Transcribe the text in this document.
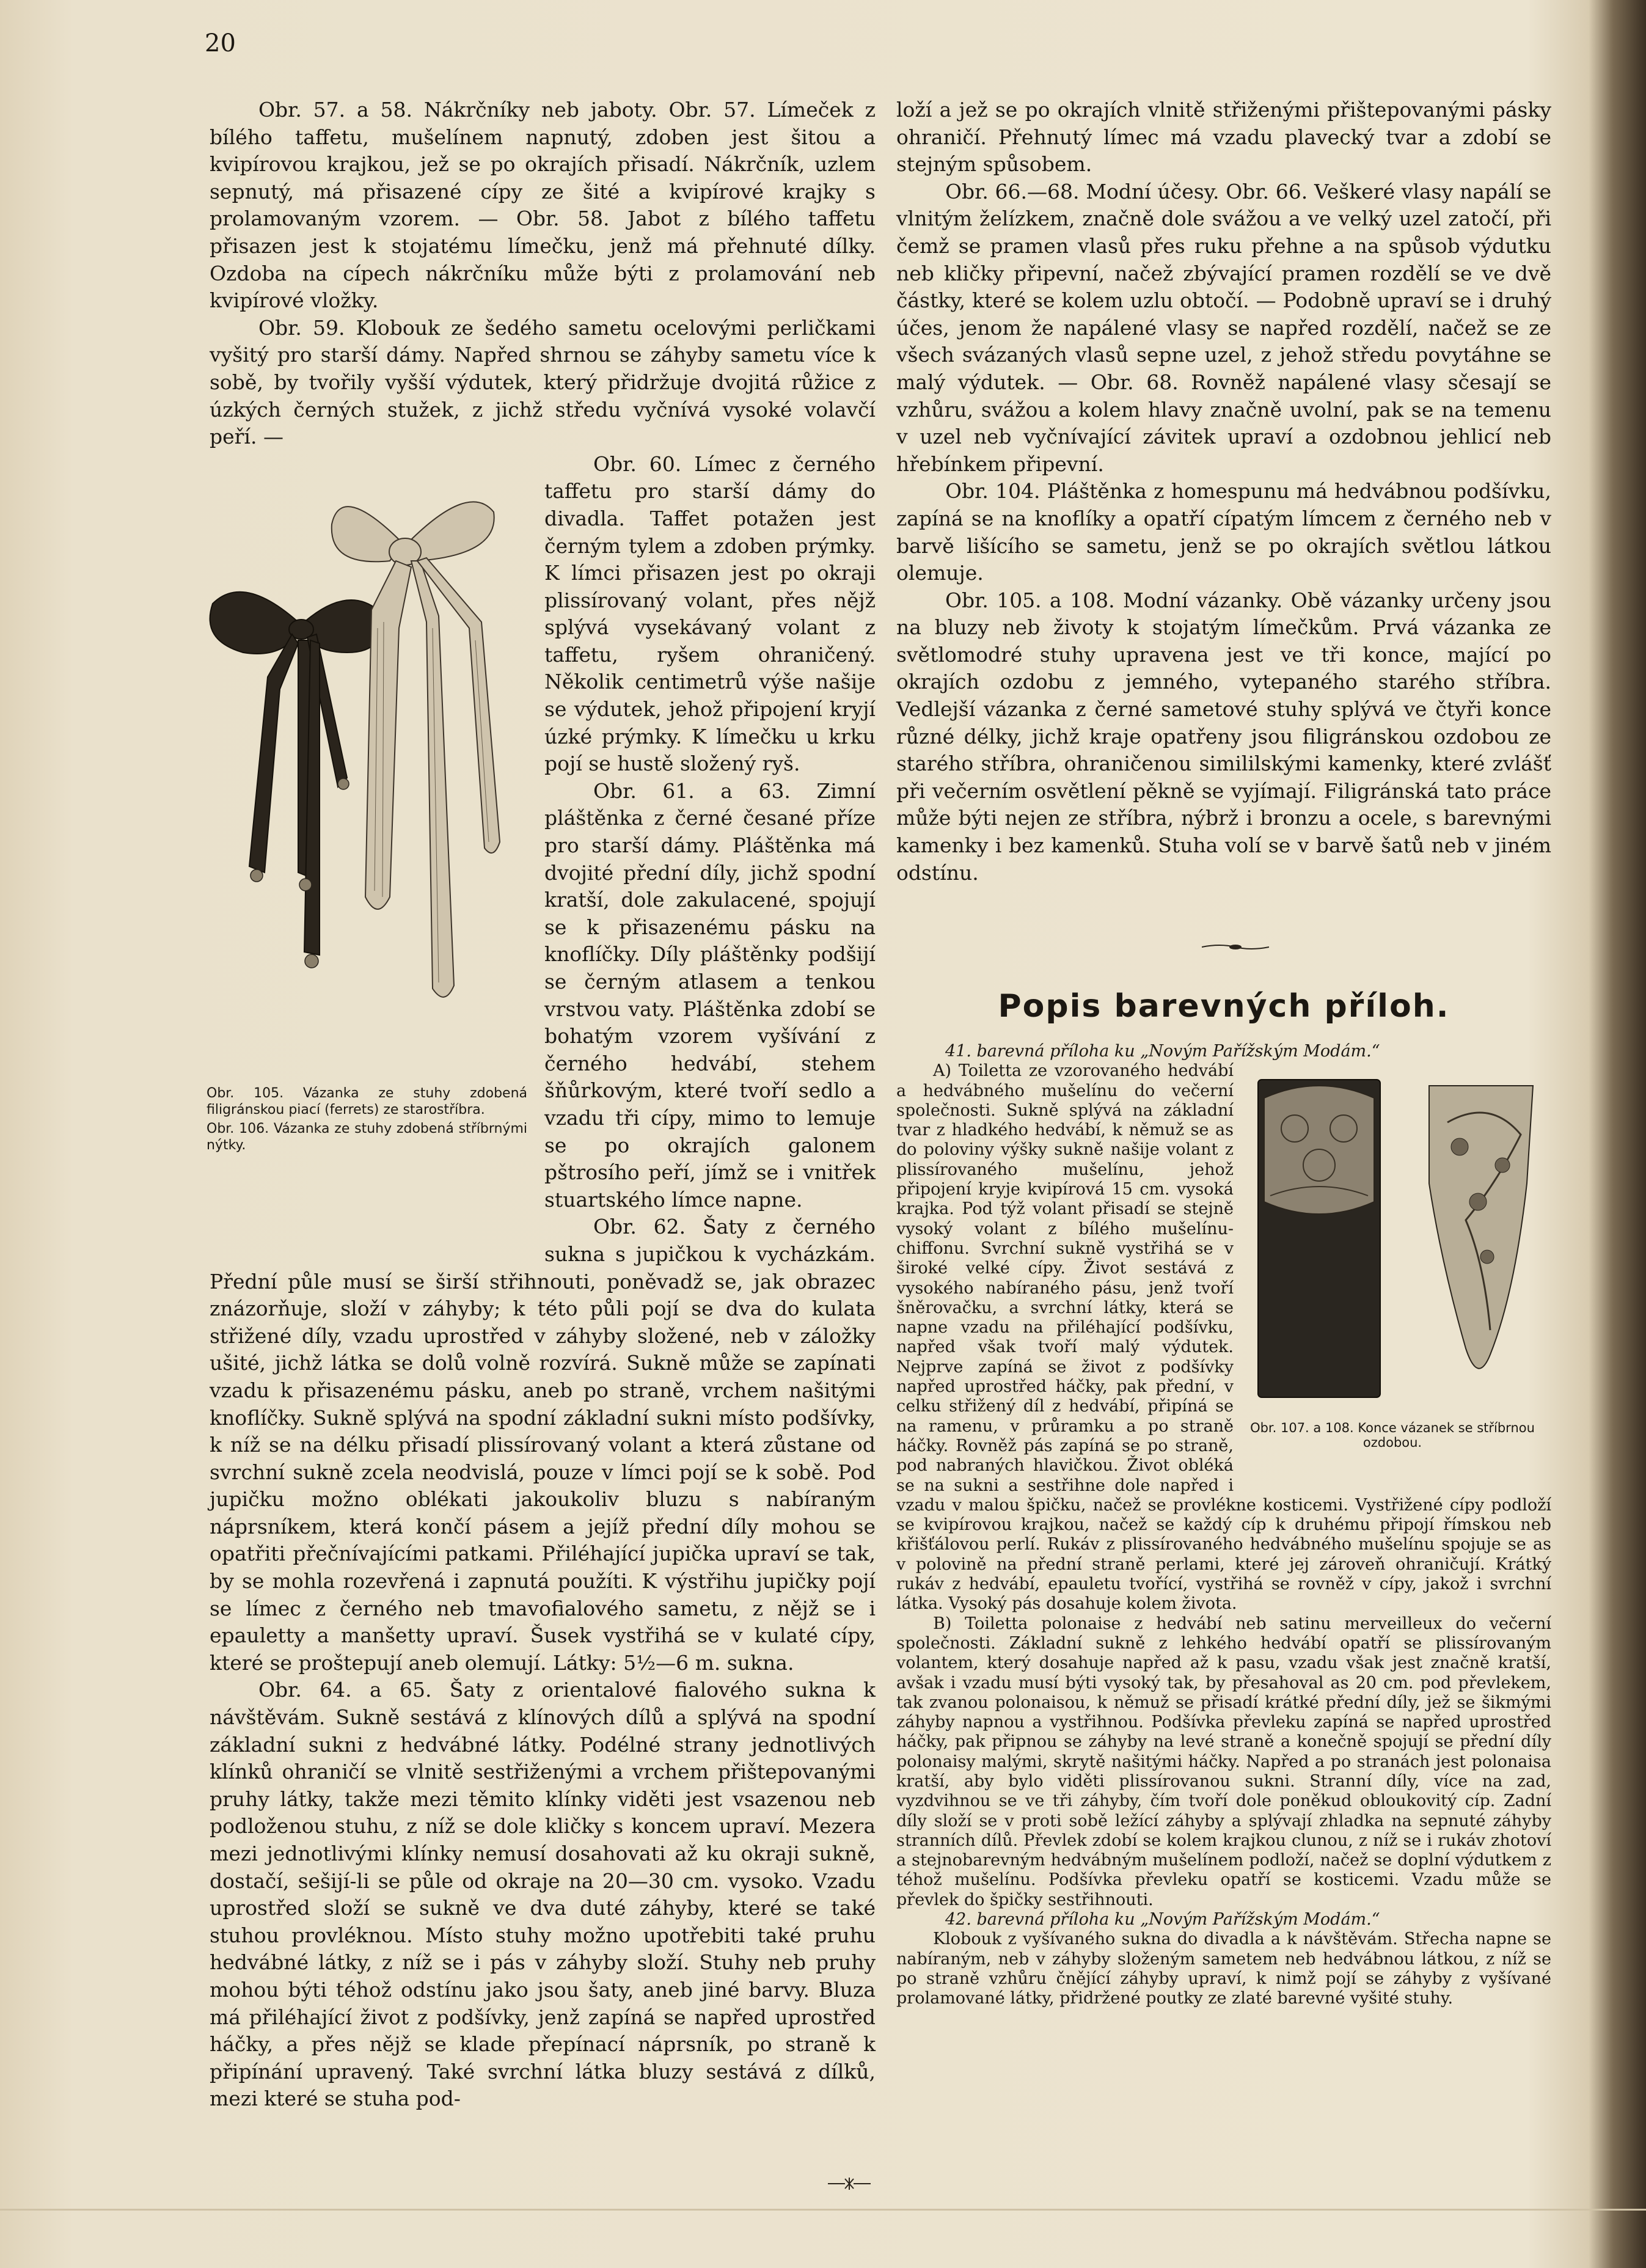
20

Obr. 57. a 58. Nákrčníky neb jaboty. Obr. 57. Límeček z bílého taffetu, mušelínem napnutý, zdoben jest šitou a kvipírovou krajkou, jež se po okrajích přisadí. Nákrčník, uzlem sepnutý, má přisazené cípy ze šité a kvipírové krajky s prolamovaným vzorem. — Obr. 58. Jabot z bílého taffetu přisazen jest k stojatému límečku, jenž má přehnuté dílky. Ozdoba na cípech nákrčníku může býti z prolamování neb kvipírové vložky.

Obr. 59. Klobouk ze šedého sametu ocelovými perličkami vyšitý pro starší dámy. Napřed shrnou se záhyby sametu více k sobě, by tvořily vyšší výdutek, který přidržuje dvojitá růžice z úzkých černých stužek, z jichž středu vyčnívá vysoké volavčí peří. —

Obr. 105. Vázanka ze stuhy zdobená filigránskou piací (ferrets) ze starostříbra.
Obr. 106. Vázanka ze stuhy zdobená stříbrnými nýtky.

Obr. 60. Límec z černého taffetu pro starší dámy do divadla. Taffet potažen jest černým tylem a zdoben prýmky. K límci přisazen jest po okraji plissírovaný volant, přes nějž splývá vysekávaný volant z taffetu, ryšem ohraničený. Několik centimetrů výše našije se výdutek, jehož připojení kryjí úzké prýmky. K límečku u krku pojí se hustě složený ryš.

Obr. 61. a 63. Zimní pláštěnka z černé česané příze pro starší dámy. Pláštěnka má dvojité přední díly, jichž spodní kratší, dole zakulacené, spojují se k přisazenému pásku na knoflíčky. Díly pláštěnky podšijí se černým atlasem a tenkou vrstvou vaty. Pláštěnka zdobí se bohatým vzorem vyšívání z černého hedvábí, stehem šňůrkovým, které tvoří sedlo a vzadu tři cípy, mimo to lemuje se po okrajích galonem pštrosího peří, jímž se i vnitřek stuartského límce napne.

Obr. 62. Šaty z černého sukna s jupičkou k vycházkám. Přední půle musí se širší střihnouti, poněvadž se, jak obrazec znázorňuje, složí v záhyby; k této půli pojí se dva do kulata střižené díly, vzadu uprostřed v záhyby složené, neb v záložky ušité, jichž látka se dolů volně rozvírá. Sukně může se zapínati vzadu k přisazenému pásku, aneb po straně, vrchem našitými knoflíčky. Sukně splývá na spodní základní sukni místo podšívky, k níž se na délku přisadí plissírovaný volant a která zůstane od svrchní sukně zcela neodvislá, pouze v límci pojí se k sobě. Pod jupičku možno oblékati jakoukoliv bluzu s nabíraným náprsníkem, která končí pásem a jejíž přední díly mohou se opatřiti přečnívajícími patkami. Přiléhající jupička upraví se tak, by se mohla rozevřená i zapnutá použíti. K výstřihu jupičky pojí se límec z černého neb tmavofialového sametu, z nějž se i epauletty a manšetty upraví. Šusek vystřihá se v kulaté cípy, které se proštepují aneb olemují. Látky: 5½—6 m. sukna.

Obr. 64. a 65. Šaty z orientalové fialového sukna k návštěvám. Sukně sestává z klínových dílů a splývá na spodní základní sukni z hedvábné látky. Podélné strany jednotlivých klínků ohraničí se vlnitě sestřiženými a vrchem přištepovanými pruhy látky, takže mezi těmito klínky viděti jest vsazenou neb podloženou stuhu, z níž se dole kličky s koncem upraví. Mezera mezi jednotlivými klínky nemusí dosahovati až ku okraji sukně, dostačí, sešijí-li se půle od okraje na 20—30 cm. vysoko. Vzadu uprostřed složí se sukně ve dva duté záhyby, které se také stuhou provléknou. Místo stuhy možno upotřebiti také pruhu hedvábné látky, z níž se i pás v záhyby složí. Stuhy neb pruhy mohou býti téhož odstínu jako jsou šaty, aneb jiné barvy. Bluza má přiléhající život z podšívky, jenž zapíná se napřed uprostřed háčky, a přes nějž se klade přepínací náprsník, po straně k připínání upravený. Také svrchní látka bluzy sestává z dílků, mezi které se stuha pod-

loží a jež se po okrajích vlnitě střiženými přištepovanými pásky ohraničí. Přehnutý límec má vzadu plavecký tvar a zdobí se stejným spůsobem.

Obr. 66.—68. Modní účesy. Obr. 66. Veškeré vlasy napálí se vlnitým želízkem, značně dole svážou a ve velký uzel zatočí, při čemž se pramen vlasů přes ruku přehne a na spůsob výdutku neb kličky připevní, načež zbývající pramen rozdělí se ve dvě částky, které se kolem uzlu obtočí. — Podobně upraví se i druhý účes, jenom že napálené vlasy se napřed rozdělí, načež se ze všech svázaných vlasů sepne uzel, z jehož středu povytáhne se malý výdutek. — Obr. 68. Rovněž napálené vlasy sčesají se vzhůru, svážou a kolem hlavy značně uvolní, pak se na temenu v uzel neb vyčnívající závitek upraví a ozdobnou jehlicí neb hřebínkem připevní.

Obr. 104. Pláštěnka z homespunu má hedvábnou podšívku, zapíná se na knoflíky a opatří cípatým límcem z černého neb v barvě lišícího se sametu, jenž se po okrajích světlou látkou olemuje.

Obr. 105. a 108. Modní vázanky. Obě vázanky určeny jsou na bluzy neb životy k stojatým límečkům. Prvá vázanka ze světlomodré stuhy upravena jest ve tři konce, mající po okrajích ozdobu z jemného, vytepaného starého stříbra. Vedlejší vázanka z černé sametové stuhy splývá ve čtyři konce různé délky, jichž kraje opatřeny jsou filigránskou ozdobou ze starého stříbra, ohraničenou simililskými kamenky, které zvlášť při večerním osvětlení pěkně se vyjímají. Filigránská tato práce může býti nejen ze stříbra, nýbrž i bronzu a ocele, s barevnými kamenky i bez kamenků. Stuha volí se v barvě šatů neb v jiném odstínu.

Popis barevných příloh.

41. barevná příloha ku „Novým Pařížským Modám.“

Obr. 107. a 108. Konce vázanek se stříbrnou ozdobou.

A) Toiletta ze vzorovaného hedvábí a hedvábného mušelínu do večerní společnosti. Sukně splývá na základní tvar z hladkého hedvábí, k němuž se as do poloviny výšky sukně našije volant z plissírovaného mušelínu, jehož připojení kryje kvipírová 15 cm. vysoká krajka. Pod týž volant přisadí se stejně vysoký volant z bílého mušelínu-chiffonu. Svrchní sukně vystřihá se v široké velké cípy. Život sestává z vysokého nabíraného pásu, jenž tvoří šněrovačku, a svrchní látky, která se napne vzadu na přiléhající podšívku, napřed však tvoří malý výdutek. Nejprve zapíná se život z podšívky napřed uprostřed háčky, pak přední, v celku střižený díl z hedvábí, připíná se na ramenu, v průramku a po straně háčky. Rovněž pás zapíná se po straně, pod nabraných hlavičkou. Život obléká se na sukni a sestřihne dole napřed i vzadu v malou špičku, načež se provlékne kosticemi. Vystřižené cípy podloží se kvipírovou krajkou, načež se každý cíp k druhému připojí římskou neb křišťálovou perlí. Rukáv z plissírovaného hedvábného mušelínu spojuje se as v polovině na přední straně perlami, které jej zároveň ohraničují. Krátký rukáv z hedvábí, epauletu tvořící, vystřihá se rovněž v cípy, jakož i svrchní látka. Vysoký pás dosahuje kolem života.

B) Toiletta polonaise z hedvábí neb satinu merveilleux do večerní společnosti. Základní sukně z lehkého hedvábí opatří se plissírovaným volantem, který dosahuje napřed až k pasu, vzadu však jest značně kratší, avšak i vzadu musí býti vysoký tak, by přesahoval as 20 cm. pod převlekem, tak zvanou polonaisou, k němuž se přisadí krátké přední díly, jež se šikmými záhyby napnou a vystřihnou. Podšívka převleku zapíná se napřed uprostřed háčky, pak připnou se záhyby na levé straně a konečně spojují se přední díly polonaisy malými, skrytě našitými háčky. Napřed a po stranách jest polonaisa kratší, aby bylo viděti plissírovanou sukni. Stranní díly, více na zad, vyzdvihnou se ve tři záhyby, čím tvoří dole poněkud obloukovitý cíp. Zadní díly složí se v proti sobě ležící záhyby a splývají zhladka na sepnuté záhyby stranních dílů. Převlek zdobí se kolem krajkou clunou, z níž se i rukáv zhotoví a stejnobarevným hedvábným mušelínem podloží, načež se doplní výdutkem z téhož mušelínu. Podšívka převleku opatří se kosticemi. Vzadu může se převlek do špičky sestřihnouti.

42. barevná příloha ku „Novým Pařížským Modám.“

Klobouk z vyšívaného sukna do divadla a k návštěvám. Střecha napne se nabíraným, neb v záhyby složeným sametem neb hedvábnou látkou, z níž se po straně vzhůru čnějící záhyby upraví, k nimž pojí se záhyby z vyšívané prolamované látky, přidržené poutky ze zlaté barevné vyšité stuhy.
